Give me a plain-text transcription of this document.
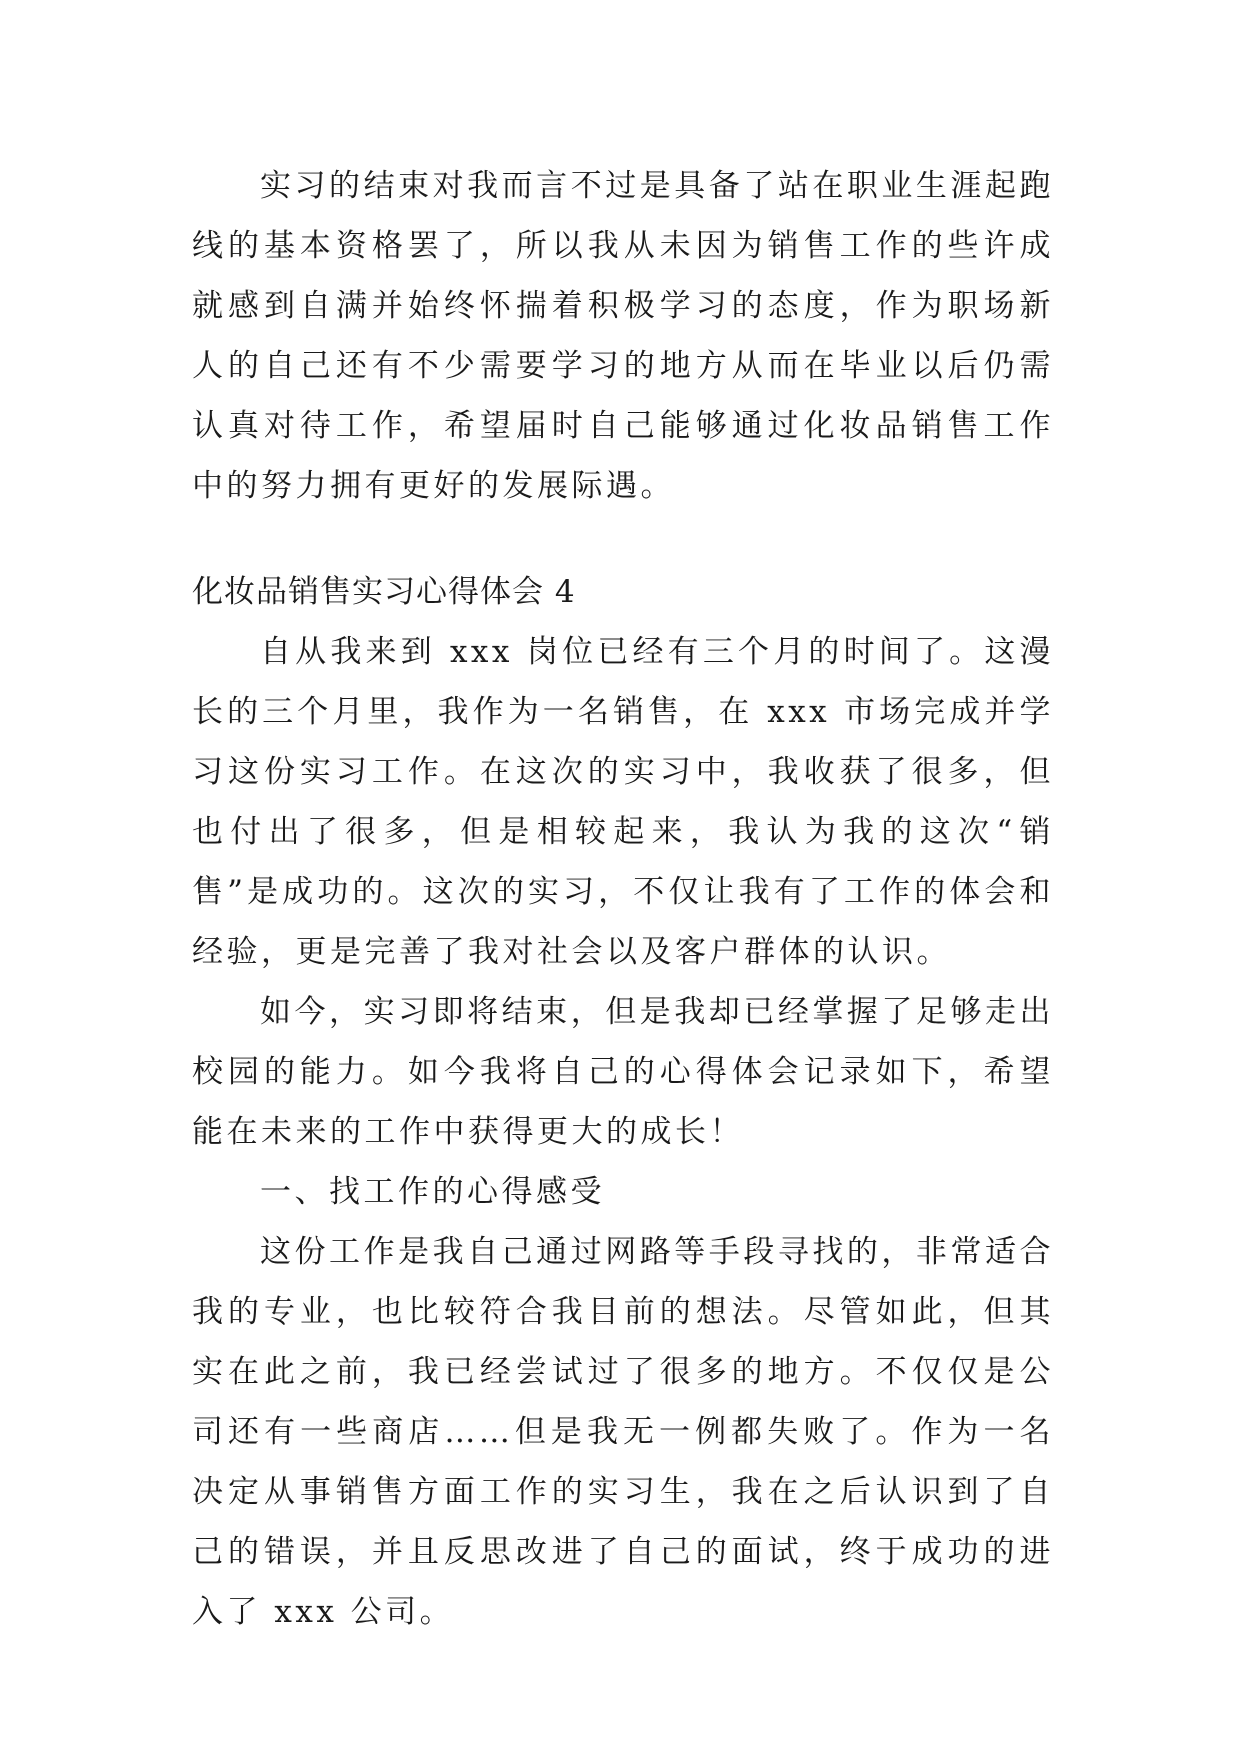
实习的结束对我而言不过是具备了站在职业生涯起跑线的基本资格罢了，所以我从未因为销售工作的些许成就感到自满并始终怀揣着积极学习的态度，作为职场新人的自己还有不少需要学习的地方从而在毕业以后仍需认真对待工作，希望届时自己能够通过化妆品销售工作中的努力拥有更好的发展际遇。

化妆品销售实习心得体会 4

自从我来到 xxx 岗位已经有三个月的时间了。这漫长的三个月里，我作为一名销售，在 xxx 市场完成并学习这份实习工作。在这次的实习中，我收获了很多，但也付出了很多，但是相较起来，我认为我的这次“销售”是成功的。这次的实习，不仅让我有了工作的体会和经验，更是完善了我对社会以及客户群体的认识。

如今，实习即将结束，但是我却已经掌握了足够走出校园的能力。如今我将自己的心得体会记录如下，希望能在未来的工作中获得更大的成长！

一、找工作的心得感受

这份工作是我自己通过网路等手段寻找的，非常适合我的专业，也比较符合我目前的想法。尽管如此，但其实在此之前，我已经尝试过了很多的地方。不仅仅是公司还有一些商店……但是我无一例都失败了。作为一名决定从事销售方面工作的实习生，我在之后认识到了自己的错误，并且反思改进了自己的面试，终于成功的进入了 xxx 公司。
